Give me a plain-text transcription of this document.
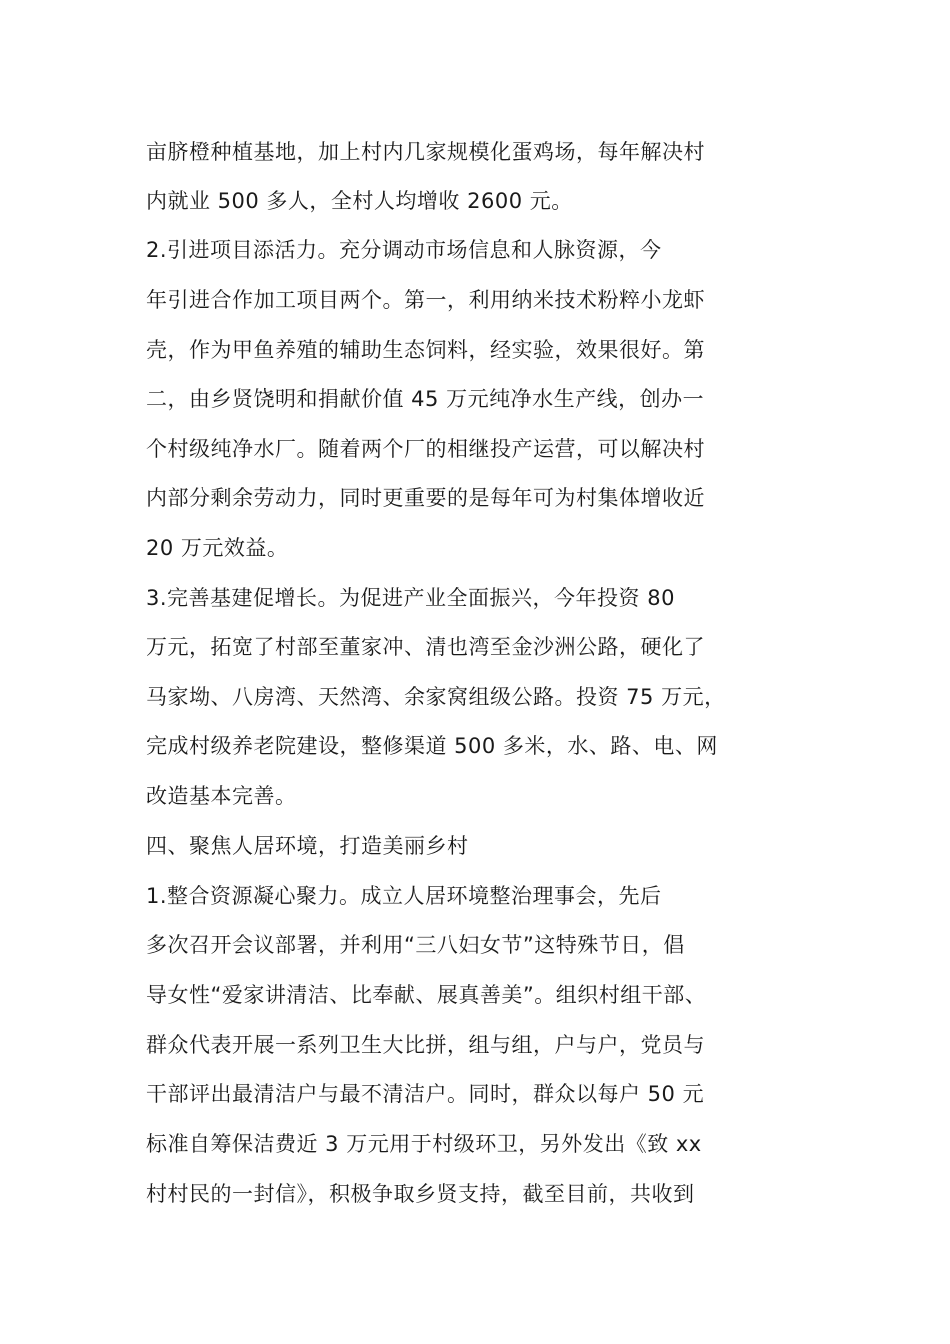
亩脐橙种植基地，加上村内几家规模化蛋鸡场，每年解决村

内就业 500 多人，全村人均增收 2600 元。

2.引进项目添活力。充分调动市场信息和人脉资源，今

年引进合作加工项目两个。第一，利用纳米技术粉粹小龙虾

壳，作为甲鱼养殖的辅助生态饲料，经实验，效果很好。第

二，由乡贤饶明和捐献价值 45 万元纯净水生产线，创办一

个村级纯净水厂。随着两个厂的相继投产运营，可以解决村

内部分剩余劳动力，同时更重要的是每年可为村集体增收近

20 万元效益。

3.完善基建促增长。为促进产业全面振兴，今年投资 80

万元，拓宽了村部至董家冲、清也湾至金沙洲公路，硬化了

马家坳、八房湾、天然湾、余家窝组级公路。投资 75 万元，

完成村级养老院建设，整修渠道 500 多米，水、路、电、网

改造基本完善。

四、聚焦人居环境，打造美丽乡村

1.整合资源凝心聚力。成立人居环境整治理事会，先后

多次召开会议部署，并利用“三八妇女节”这特殊节日，倡

导女性“爱家讲清洁、比奉献、展真善美”。组织村组干部、

群众代表开展一系列卫生大比拼，组与组，户与户，党员与

干部评出最清洁户与最不清洁户。同时，群众以每户 50 元

标准自筹保洁费近 3 万元用于村级环卫，另外发出《致 xx

村村民的一封信》，积极争取乡贤支持，截至目前，共收到
